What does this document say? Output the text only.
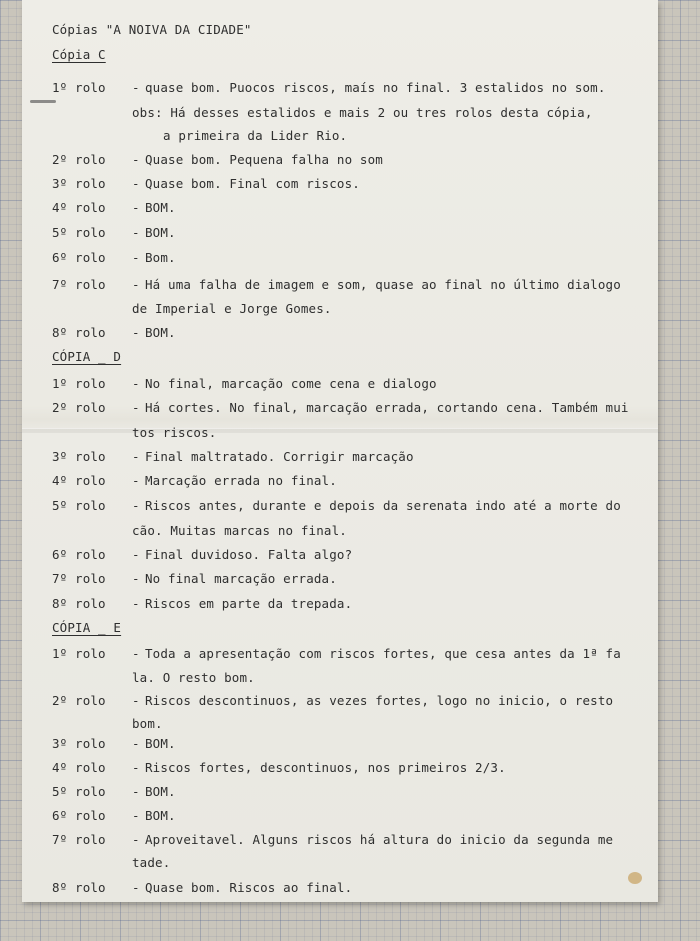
Cópias "A NOIVA DA CIDADE"
Cópia C
1º rolo - quase bom. Puocos riscos, maís no final. 3 estalidos no som.
obs: Há desses estalidos e mais 2 ou tres rolos desta cópia,
a primeira da Lider Rio.
2º rolo - Quase bom. Pequena falha no som
3º rolo - Quase bom. Final com riscos.
4º rolo - BOM.
5º rolo - BOM.
6º rolo - Bom.
7º rolo - Há uma falha de imagem e som, quase ao final no último dialogo
de Imperial e Jorge Gomes.
8º rolo - BOM.
CÓPIA _ D
1º rolo - No final, marcação come cena e dialogo
2º rolo - Há cortes. No final, marcação errada, cortando cena. Também mui
tos riscos.
3º rolo - Final maltratado. Corrigir marcação
4º rolo - Marcação errada no final.
5º rolo - Riscos antes, durante e depois da serenata indo até a morte do
cão. Muitas marcas no final.
6º rolo - Final duvidoso. Falta algo?
7º rolo - No final marcação errada.
8º rolo - Riscos em parte da trepada.
CÓPIA _ E
1º rolo - Toda a apresentação com riscos fortes, que cesa antes da 1ª fa
la. O resto bom.
2º rolo - Riscos descontinuos, as vezes fortes, logo no inicio, o resto
bom.
3º rolo - BOM.
4º rolo - Riscos fortes, descontinuos, nos primeiros 2/3.
5º rolo - BOM.
6º rolo - BOM.
7º rolo - Aproveitavel. Alguns riscos há altura do inicio da segunda me
tade.
8º rolo - Quase bom. Riscos ao final.
